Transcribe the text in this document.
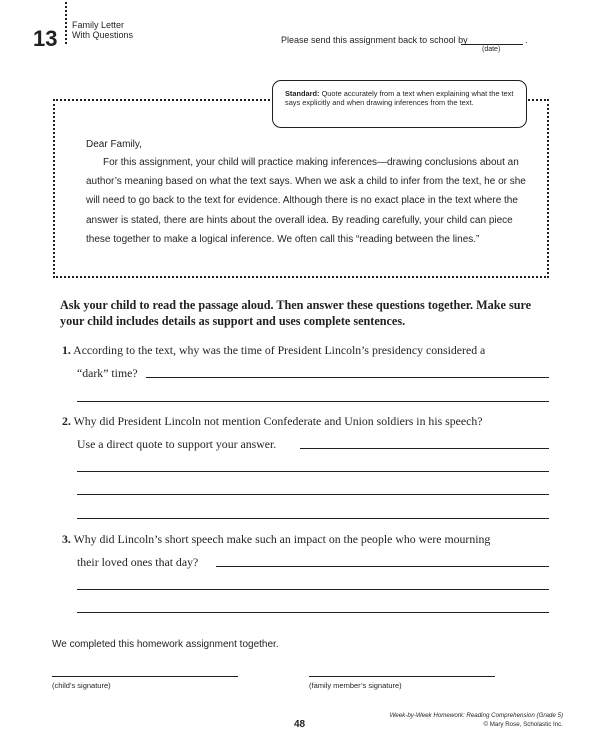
13
Family Letter
With Questions	Please send this assignment back to school by	.
(date)
Standard: Quote accurately from a text when explaining what the text says explicitly and when drawing inferences from the text.
Dear Family,

For this assignment, your child will practice making inferences—drawing conclusions about an author’s meaning based on what the text says. When we ask a child to infer from the text, he or she will need to go back to the text for evidence. Although there is no exact place in the text where the answer is stated, there are hints about the overall idea. By reading carefully, your child can piece these together to make a logical inference. We often call this “reading between the lines.”

Ask your child to read the passage aloud. Then answer these questions together. Make sure your child includes details as support and uses complete sentences.
1. According to the text, why was the time of President Lincoln’s presidency considered a
“dark” time?
2. Why did President Lincoln not mention Confederate and Union soldiers in his speech?
Use a direct quote to support your answer.
3. Why did Lincoln’s short speech make such an impact on the people who were mourning
their loved ones that day?
We completed this homework assignment together.
(child’s signature)	(family member’s signature)
48
Week-by-Week Homework: Reading Comprehension (Grade 5)
© Mary Rose, Scholastic Inc.
